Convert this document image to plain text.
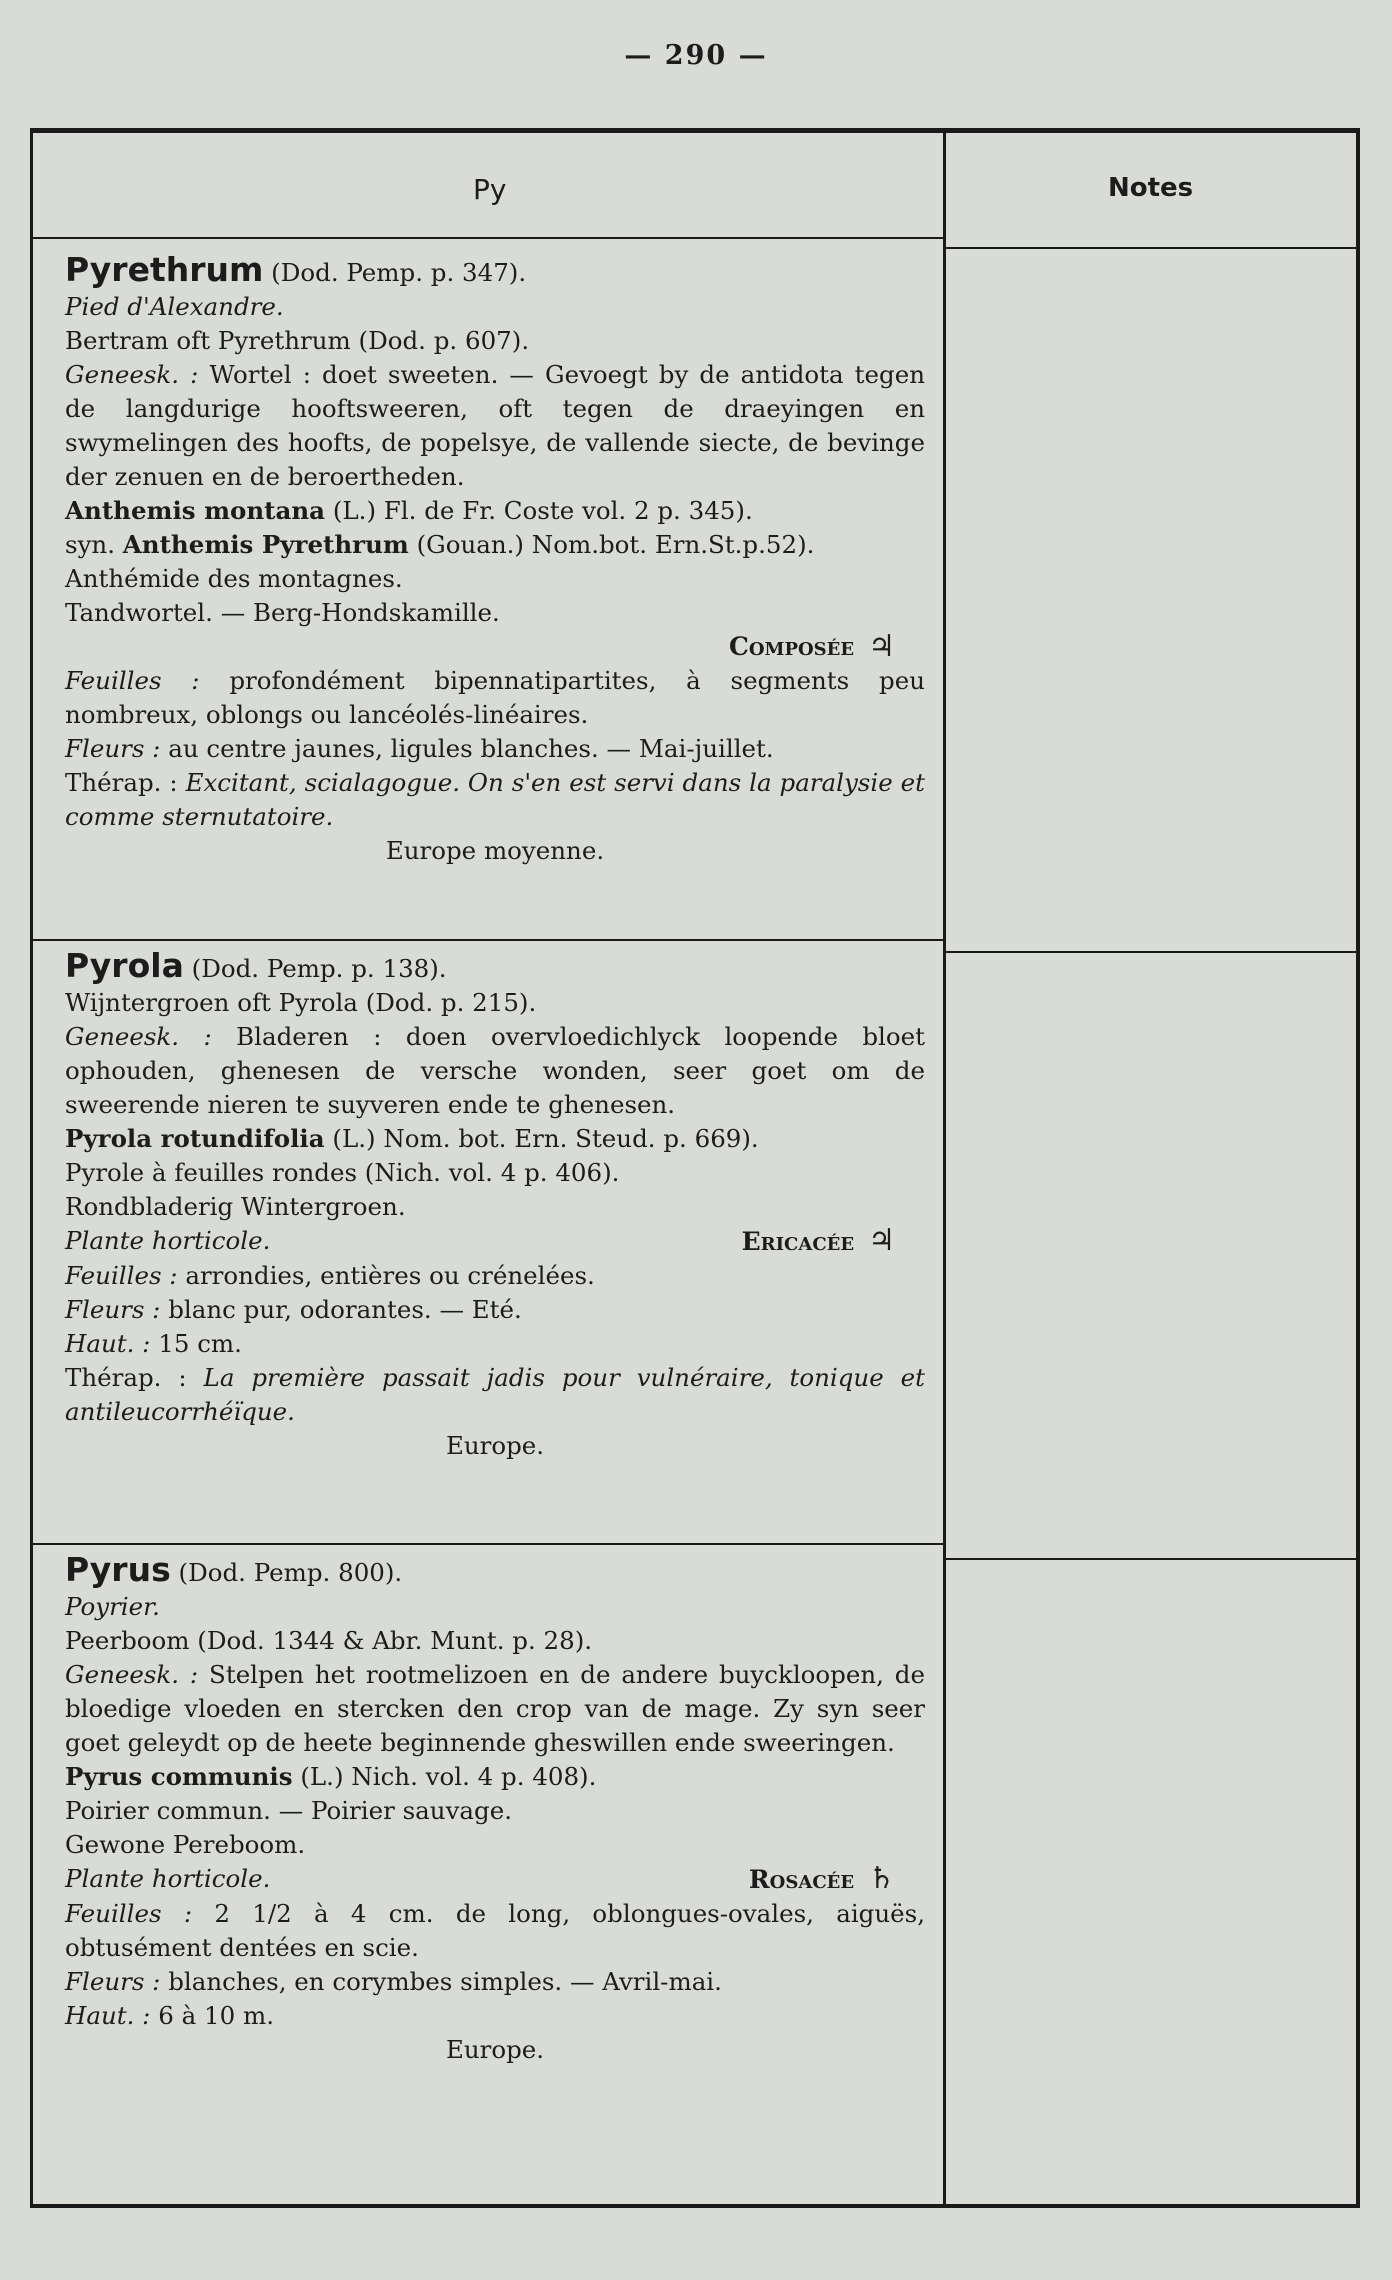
— 290 —
Py	Notes
Pyrethrum (Dod. Pemp. p. 347).
Pied d'Alexandre.
Bertram oft Pyrethrum (Dod. p. 607).
Geneesk. : Wortel : doet sweeten. — Gevoegt by de antidota tegen de langdurige hooftsweeren, oft tegen de draeyingen en swymelingen des hoofts, de popelsye, de vallende siecte, de bevinge der zenuen en de beroertheden.
Anthemis montana (L.) Fl. de Fr. Coste vol. 2 p. 345).
syn. Anthemis Pyrethrum (Gouan.) Nom.bot. Ern.St.p.52).
Anthémide des montagnes.
Tandwortel. — Berg-Hondskamille.
Composée ♃
Feuilles : profondément bipennatipartites, à segments peu nombreux, oblongs ou lancéolés-linéaires.
Fleurs : au centre jaunes, ligules blanches. — Mai-juillet.
Thérap. : Excitant, scialagogue. On s'en est servi dans la paralysie et comme sternutatoire.
Europe moyenne.
Pyrola (Dod. Pemp. p. 138).
Wijntergroen oft Pyrola (Dod. p. 215).
Geneesk. : Bladeren : doen overvloedichlyck loopende bloet ophouden, ghenesen de versche wonden, seer goet om de sweerende nieren te suyveren ende te ghenesen.
Pyrola rotundifolia (L.) Nom. bot. Ern. Steud. p. 669).
Pyrole à feuilles rondes (Nich. vol. 4 p. 406).
Rondbladerig Wintergroen.
Plante horticole.	Ericacée ♃
Feuilles : arrondies, entières ou crénelées.
Fleurs : blanc pur, odorantes. — Eté.
Haut. : 15 cm.
Thérap. : La première passait jadis pour vulnéraire, tonique et antileucorrhéïque.
Europe.
Pyrus (Dod. Pemp. 800).
Poyrier.
Peerboom (Dod. 1344 & Abr. Munt. p. 28).
Geneesk. : Stelpen het rootmelizoen en de andere buyckloopen, de bloedige vloeden en stercken den crop van de mage. Zy syn seer goet geleydt op de heete beginnende gheswillen ende sweeringen.
Pyrus communis (L.) Nich. vol. 4 p. 408).
Poirier commun. — Poirier sauvage.
Gewone Pereboom.
Plante horticole.	Rosacée ♄
Feuilles : 2 1/2 à 4 cm. de long, oblongues-ovales, aiguës, obtusément dentées en scie.
Fleurs : blanches, en corymbes simples. — Avril-mai.
Haut. : 6 à 10 m.
Europe.
